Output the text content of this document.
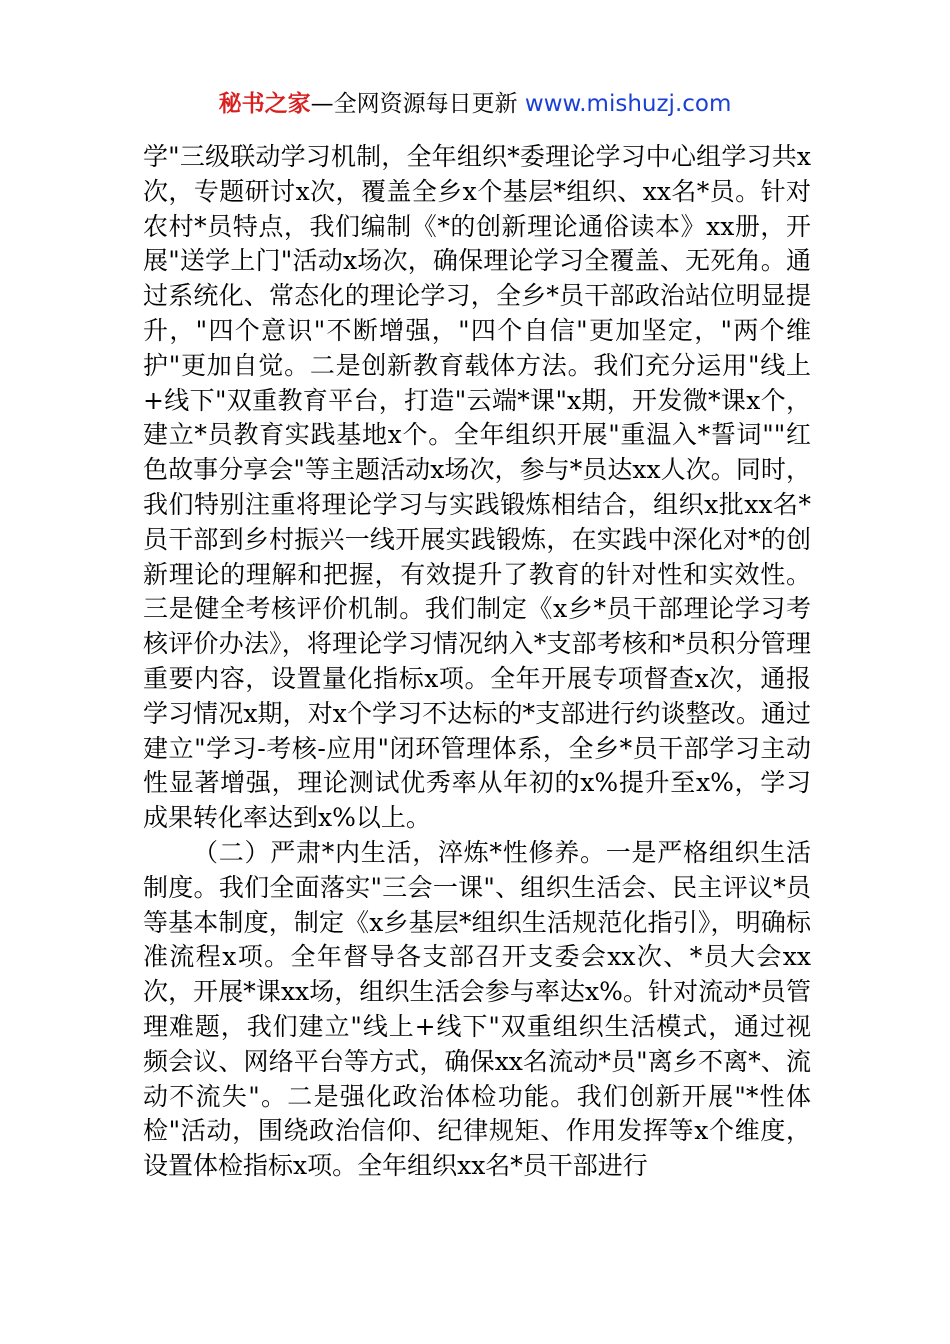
秘书之家—全网资源每日更新 www.mishuzj.com

学"三级联动学习机制，全年组织*委理论学习中心组学习共x次，专题研讨x次，覆盖全乡x个基层*组织、xx名*员。针对农村*员特点，我们编制《*的创新理论通俗读本》xx册，开展"送学上门"活动x场次，确保理论学习全覆盖、无死角。通过系统化、常态化的理论学习，全乡*员干部政治站位明显提升，"四个意识"不断增强，"四个自信"更加坚定，"两个维护"更加自觉。二是创新教育载体方法。我们充分运用"线上+线下"双重教育平台，打造"云端*课"x期，开发微*课x个，建立*员教育实践基地x个。全年组织开展"重温入*誓词""红色故事分享会"等主题活动x场次，参与*员达xx人次。同时，我们特别注重将理论学习与实践锻炼相结合，组织x批xx名*员干部到乡村振兴一线开展实践锻炼，在实践中深化对*的创新理论的理解和把握，有效提升了教育的针对性和实效性。三是健全考核评价机制。我们制定《x乡*员干部理论学习考核评价办法》，将理论学习情况纳入*支部考核和*员积分管理重要内容，设置量化指标x项。全年开展专项督查x次，通报学习情况x期，对x个学习不达标的*支部进行约谈整改。通过建立"学习-考核-应用"闭环管理体系，全乡*员干部学习主动性显著增强，理论测试优秀率从年初的x%提升至x%，学习成果转化率达到x%以上。

（二）严肃*内生活，淬炼*性修养。一是严格组织生活制度。我们全面落实"三会一课"、组织生活会、民主评议*员等基本制度，制定《x乡基层*组织生活规范化指引》，明确标准流程x项。全年督导各支部召开支委会xx次、*员大会xx次，开展*课xx场，组织生活会参与率达x%。针对流动*员管理难题，我们建立"线上+线下"双重组织生活模式，通过视频会议、网络平台等方式，确保xx名流动*员"离乡不离*、流动不流失"。二是强化政治体检功能。我们创新开展"*性体检"活动，围绕政治信仰、纪律规矩、作用发挥等x个维度，设置体检指标x项。全年组织xx名*员干部进行
